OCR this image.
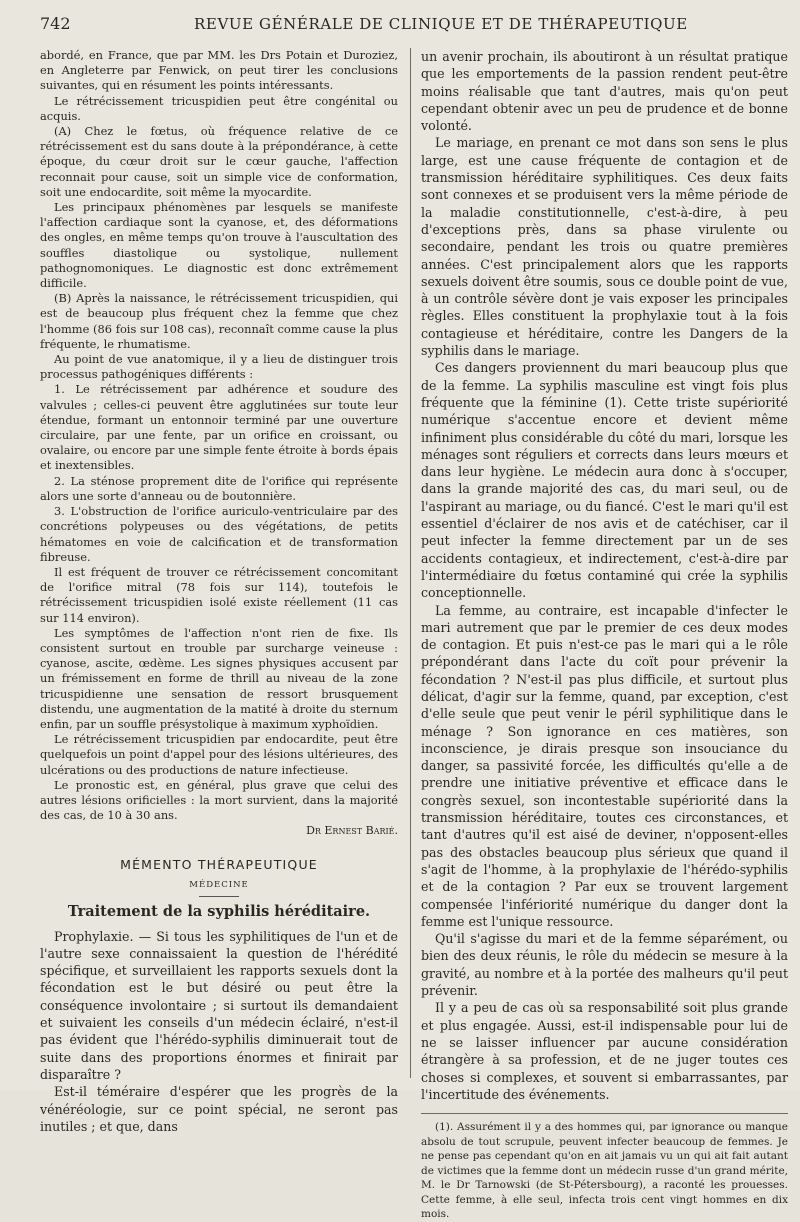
742	REVUE GÉNÉRALE DE CLINIQUE ET DE THÉRAPEUTIQUE

abordé, en France, que par MM. les Drs Potain et Duroziez, en Angleterre par Fenwick, on peut tirer les conclusions suivantes, qui en résument les points intéressants.

Le rétrécissement tricuspidien peut être congénital ou acquis.

(A) Chez le fœtus, où fréquence relative de ce rétrécissement est du sans doute à la prépondérance, à cette époque, du cœur droit sur le cœur gauche, l'affection reconnait pour cause, soit un simple vice de conformation, soit une endocardite, soit même la myocardite.

Les principaux phénomènes par lesquels se manifeste l'affection cardiaque sont la cyanose, et, des déformations des ongles, en même temps qu'on trouve à l'auscultation des souffles diastolique ou systolique, nullement pathognomoniques. Le diagnostic est donc extrêmement difficile.

(B) Après la naissance, le rétrécissement tricuspidien, qui est de beaucoup plus fréquent chez la femme que chez l'homme (86 fois sur 108 cas), reconnaît comme cause la plus fréquente, le rhumatisme.

Au point de vue anatomique, il y a lieu de distinguer trois processus pathogéniques différents :

1. Le rétrécissement par adhérence et soudure des valvules ; celles-ci peuvent être agglutinées sur toute leur étendue, formant un entonnoir terminé par une ouverture circulaire, par une fente, par un orifice en croissant, ou ovalaire, ou encore par une simple fente étroite à bords épais et inextensibles.

2. La sténose proprement dite de l'orifice qui représente alors une sorte d'anneau ou de boutonnière.

3. L'obstruction de l'orifice auriculo-ventriculaire par des concrétions polypeuses ou des végétations, de petits hématomes en voie de calcification et de transformation fibreuse.

Il est fréquent de trouver ce rétrécissement concomitant de l'orifice mitral (78 fois sur 114), toutefois le rétrécissement tricuspidien isolé existe réellement (11 cas sur 114 environ).

Les symptômes de l'affection n'ont rien de fixe. Ils consistent surtout en trouble par surcharge veineuse : cyanose, ascite, œdème. Les signes physiques accusent par un frémissement en forme de thrill au niveau de la zone tricuspidienne une sensation de ressort brusquement distendu, une augmentation de la matité à droite du sternum enfin, par un souffle présystolique à maximum xyphoïdien.

Le rétrécissement tricuspidien par endocardite, peut être quelquefois un point d'appel pour des lésions ultérieures, des ulcérations ou des productions de nature infectieuse.

Le pronostic est, en général, plus grave que celui des autres lésions orificielles : la mort survient, dans la majorité des cas, de 10 à 30 ans.

Dr Ernest Barié.

MÉMENTO THÉRAPEUTIQUE
MÉDECINE
Traitement de la syphilis héréditaire.

Prophylaxie. — Si tous les syphilitiques de l'un et de l'autre sexe connaissaient la question de l'hérédité spécifique, et surveillaient les rapports sexuels dont la fécondation est le but désiré ou peut être la conséquence involontaire ; si surtout ils demandaient et suivaient les conseils d'un médecin éclairé, n'est-il pas évident que l'hérédo-syphilis diminuerait tout de suite dans des proportions énormes et finirait par disparaître ?

Est-il téméraire d'espérer que les progrès de la vénéréologie, sur ce point spécial, ne seront pas inutiles ; et que, dans

un avenir prochain, ils aboutiront à un résultat pratique que les emportements de la passion rendent peut-être moins réalisable que tant d'autres, mais qu'on peut cependant obtenir avec un peu de prudence et de bonne volonté.

Le mariage, en prenant ce mot dans son sens le plus large, est une cause fréquente de contagion et de transmission héréditaire syphilitiques. Ces deux faits sont connexes et se produisent vers la même période de la maladie constitutionnelle, c'est-à-dire, à peu d'exceptions près, dans sa phase virulente ou secondaire, pendant les trois ou quatre premières années. C'est principalement alors que les rapports sexuels doivent être soumis, sous ce double point de vue, à un contrôle sévère dont je vais exposer les principales règles. Elles constituent la prophylaxie tout à la fois contagieuse et héréditaire, contre les Dangers de la syphilis dans le mariage.

Ces dangers proviennent du mari beaucoup plus que de la femme. La syphilis masculine est vingt fois plus fréquente que la féminine (1). Cette triste supériorité numérique s'accentue encore et devient même infiniment plus considérable du côté du mari, lorsque les ménages sont réguliers et corrects dans leurs mœurs et dans leur hygiène. Le médecin aura donc à s'occuper, dans la grande majorité des cas, du mari seul, ou de l'aspirant au mariage, ou du fiancé. C'est le mari qu'il est essentiel d'éclairer de nos avis et de catéchiser, car il peut infecter la femme directement par un de ses accidents contagieux, et indirectement, c'est-à-dire par l'intermédiaire du fœtus contaminé qui crée la syphilis conceptionnelle.

La femme, au contraire, est incapable d'infecter le mari autrement que par le premier de ces deux modes de contagion. Et puis n'est-ce pas le mari qui a le rôle prépondérant dans l'acte du coït pour prévenir la fécondation ? N'est-il pas plus difficile, et surtout plus délicat, d'agir sur la femme, quand, par exception, c'est d'elle seule que peut venir le péril syphilitique dans le ménage ? Son ignorance en ces matières, son inconscience, je dirais presque son insouciance du danger, sa passivité forcée, les difficultés qu'elle a de prendre une initiative préventive et efficace dans le congrès sexuel, son incontestable supériorité dans la transmission héréditaire, toutes ces circonstances, et tant d'autres qu'il est aisé de deviner, n'opposent-elles pas des obstacles beaucoup plus sérieux que quand il s'agit de l'homme, à la prophylaxie de l'hérédo-syphilis et de la contagion ? Par eux se trouvent largement compensée l'infériorité numérique du danger dont la femme est l'unique ressource.

Qu'il s'agisse du mari et de la femme séparément, ou bien des deux réunis, le rôle du médecin se mesure à la gravité, au nombre et à la portée des malheurs qu'il peut prévenir.

Il y a peu de cas où sa responsabilité soit plus grande et plus engagée. Aussi, est-il indispensable pour lui de ne se laisser influencer par aucune considération étrangère à sa profession, et de ne juger toutes ces choses si complexes, et souvent si embarrassantes, par l'incertitude des événements.

(1). Assurément il y a des hommes qui, par ignorance ou manque absolu de tout scrupule, peuvent infecter beaucoup de femmes. Je ne pense pas cependant qu'on en ait jamais vu un qui ait fait autant de victimes que la femme dont un médecin russe d'un grand mérite, M. le Dr Tarnowski (de St-Pétersbourg), a raconté les prouesses. Cette femme, à elle seul, infecta trois cent vingt hommes en dix mois.
